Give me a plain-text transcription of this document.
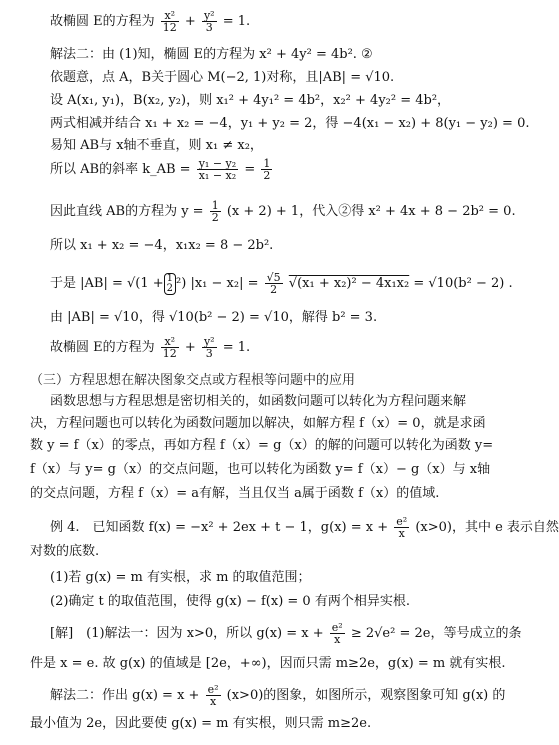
故椭圆 E的方程为 $\frac{\text{x²}}{12} + \frac{\text{y²}}{3} = 1$.
解法二：由 (1)知，椭圆 E的方程为 x² + 4y² = 4b². ②
依题意，点 A，B关于圆心 M(−2, 1)对称，且|AB| = √10.
设 A(x₁, y₁)，B(x₂, y₂)，则 x₁² + 4y₁² = 4b²，x₂² + 4y₂² = 4b²，
两式相减并结合 x₁ + x₂ = −4，y₁ + y₂ = 2，得 −4(x₁ − x₂) + 8(y₁ − y₂) = 0.
易知 AB与 x轴不垂直，则 x₁ ≠ x₂，
所以 AB的斜率 k_AB = $\frac{\text{y₁ − y₂}}{\text{x₁ − x₂}} = \frac{1}{2}$
因此直线 AB的方程为 $y = \frac{1}{2} (x + 2) + 1$，代入②得 x² + 4x + 8 − 2b² = 0.
所以 x₁ + x₂ = −4，x₁x₂ = 8 − 2b².
于是 |AB| = √(1 + 1
2 ²) $|x_1 - x_2| = \frac{√5}{2} √(x_1 + x_2)^2 - 4x_1x_2 = √10(b^2 - 2)$ .
由 |AB| = √10，得 √10(b² − 2) = √10，解得 b² = 3.
故椭圆 E的方程为 $\frac{\text{x²}}{12} + \frac{\text{y²}}{3} = 1$.
（三）方程思想在解决图象交点或方程根等问题中的应用
函数思想与方程思想是密切相关的，如函数问题可以转化为方程问题来解
决，方程问题也可以转化为函数问题加以解决，如解方程 f（x）= 0，就是求函
数 y = f（x）的零点，再如方程 f（x）= g（x）的解的问题可以转化为函数 y=
f（x）与 y= g（x）的交点问题，也可以转化为函数 y= f（x）− g（x）与 x轴
的交点问题，方程 f（x）= a有解，当且仅当 a属于函数 f（x）的值域.
例 4.　已知函数 f(x) = −x² + 2ex + t − 1，$g(x) = x + \frac{\text{e²}}{x} (x>0)$，其中 e 表示自然
对数的底数.
(1)若 g(x) = m 有实根，求 m 的取值范围；
(2)确定 t 的取值范围，使得 g(x) − f(x) = 0 有两个相异实根.
[解]　(1)解法一：因为 x>0，所以 $g(x) = x + \frac{\text{e²}}{x} \ge 2√e^2 = 2e$，等号成立的条
件是 x = e. 故 g(x) 的值域是 [2e，+∞)，因而只需 m≥2e，g(x) = m 就有实根.
解法二：作出 $g(x) = x + \frac{\text{e²}}{x} (x>0)$的图象，如图所示，观察图象可知 g(x) 的
最小值为 2e，因此要使 g(x) = m 有实根，则只需 m≥2e.
